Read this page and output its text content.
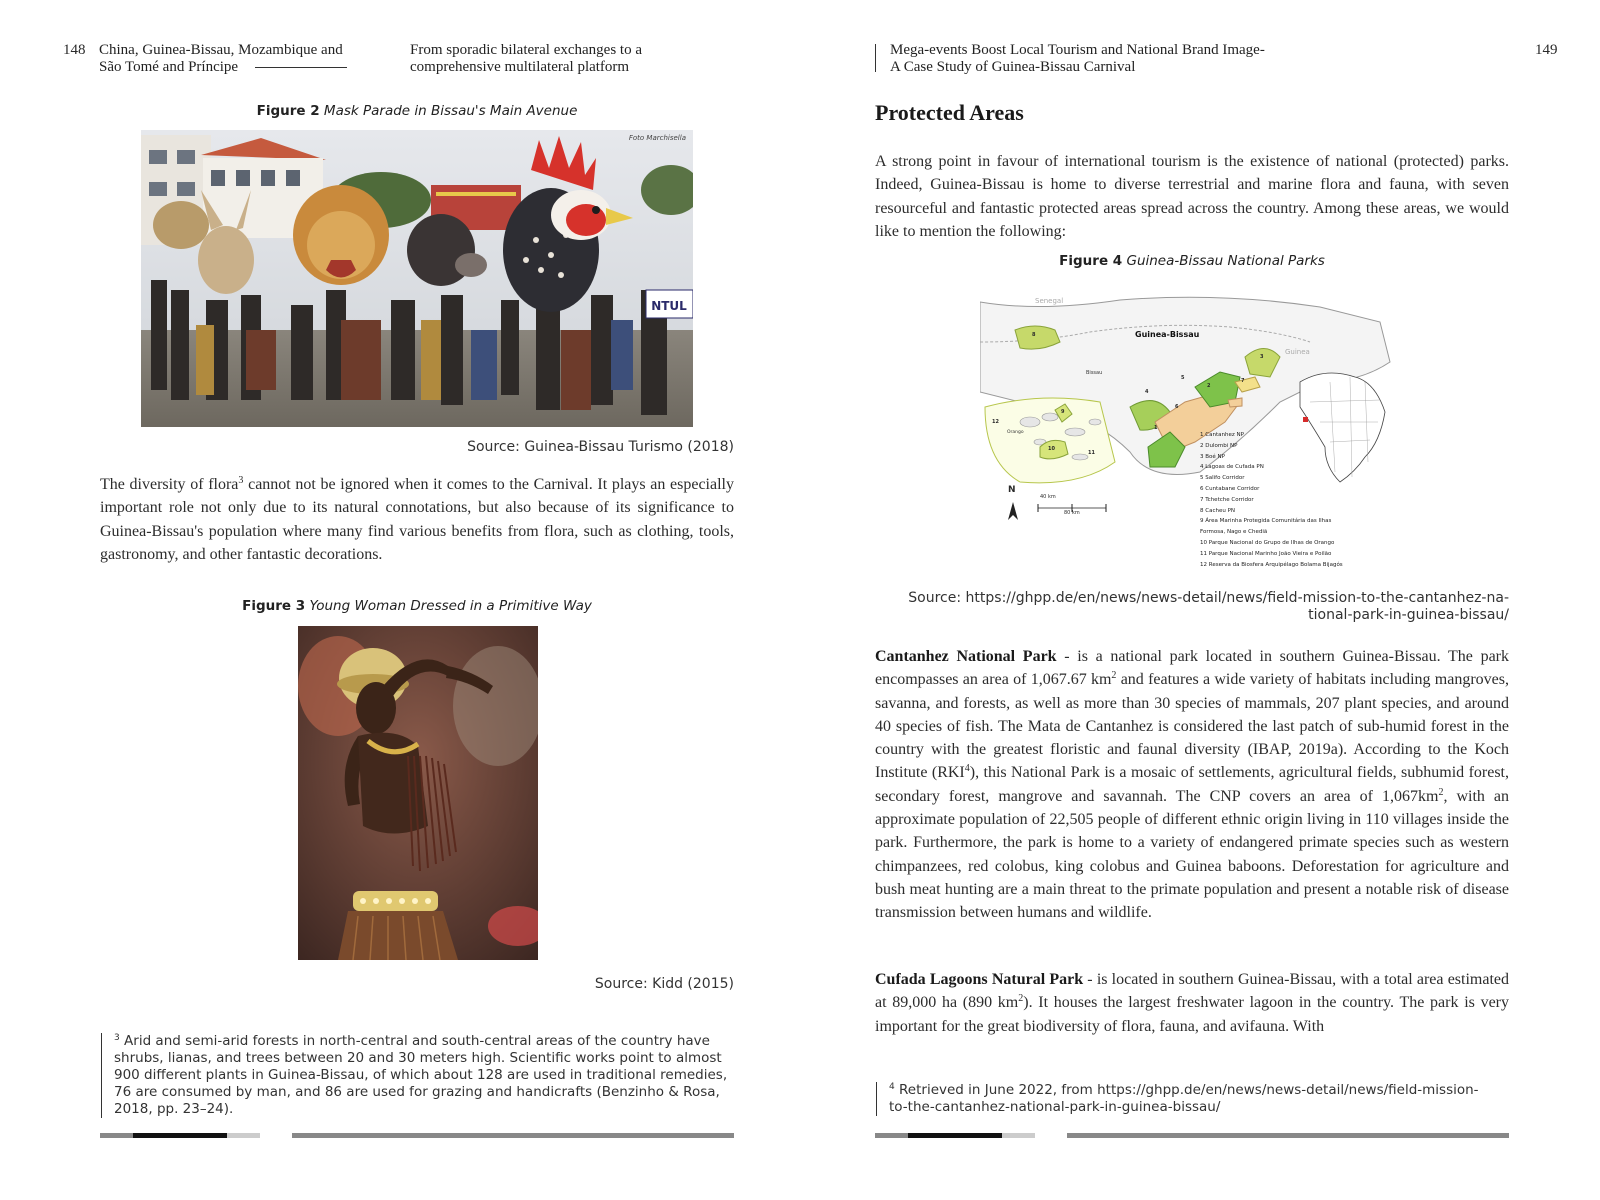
148 China, Guinea-Bissau, Mozambique and
São Tomé and Príncipe
From sporadic bilateral exchanges to a
comprehensive multilateral platform
Figure 2 Mask Parade in Bissau's Main Avenue
NTUL
Foto Marchisella
Source: Guinea-Bissau Turismo (2018)
The diversity of flora$^3$ cannot not be ignored when it comes to the Carnival. It plays an especially important role not only due to its natural connotations, but also because of its significance to Guinea-Bissau's population where many find various benefits from flora, such as clothing, tools, gastronomy, and other fantastic decorations.
Figure 3 Young Woman Dressed in a Primitive Way
Source: Kidd (2015)
$^3$ Arid and semi-arid forests in north-central and south-central areas of the country have shrubs, lianas, and trees between 20 and 30 meters high. Scientific works point to almost 900 different plants in Guinea-Bissau, of which about 128 are used in traditional remedies, 76 are consumed by man, and 86 are used for grazing and handicrafts (Benzinho & Rosa, 2018, pp. 23–24).
Mega-events Boost Local Tourism and National Brand Image-
A Case Study of Guinea-Bissau Carnival
149
Protected Areas
A strong point in favour of international tourism is the existence of national (protected) parks. Indeed, Guinea-Bissau is home to diverse terrestrial and marine flora and fauna, with seven resourceful and fantastic protected areas spread across the country. Among these areas, we would like to mention the following:
Figure 4 Guinea-Bissau National Parks
Senegal
Guinea-Bissau
Guinea
Bissau
Orango
1
2
3
4
5
6
7
8
9
10
11
12
N
40 km
80 km
1 Cantanhez NP
2 Dulombi NP
3 Boé NP
4 Lagoas de Cufada PN
5 Salifo Corridor
6 Cuntabane Corridor
7 Tchetche Corridor
8 Cacheu PN
9 Área Marinha Protegida Comunitária das Ilhas
Formosa, Nago e Chediã
10 Parque Nacional do Grupo de Ilhas de Orango
11 Parque Nacional Marinho João Vieira e Poilão
12 Reserva da Biosfera Arquipélago Bolama Bijagós
Source: https://ghpp.de/en/news/news-detail/news/field-mission-to-the-cantanhez-na-
tional-park-in-guinea-bissau/
Cantanhez National Park - is a national park located in southern Guinea-Bissau. The park encompasses an area of 1,067.67 $km^2$ and features a wide variety of habitats including mangroves, savanna, and forests, as well as more than 30 species of mammals, 207 plant species, and around 40 species of fish. The Mata de Cantanhez is considered the last patch of sub-humid forest in the country with the greatest floristic and faunal diversity (IBAP, 2019a). According to the Koch Institute (RKI$^4$), this National Park is a mosaic of settlements, agricultural fields, subhumid forest, secondary forest, mangrove and savannah. The CNP covers an area of $1,067km^2$, with an approximate population of 22,505 people of different ethnic origin living in 110 villages inside the park. Furthermore, the park is home to a variety of endangered primate species such as western chimpanzees, red colobus, king colobus and Guinea baboons. Deforestation for agriculture and bush meat hunting are a main threat to the primate population and present a notable risk of disease transmission between humans and wildlife.
Cufada Lagoons Natural Park - is located in southern Guinea-Bissau, with a total area estimated at 89,000 ha (890 $km^2$). It houses the largest freshwater lagoon in the country. The park is very important for the great biodiversity of flora, fauna, and avifauna. With
$^4$ Retrieved in June 2022, from https://ghpp.de/en/news/news-detail/news/field-mission-
to-the-cantanhez-national-park-in-guinea-bissau/
